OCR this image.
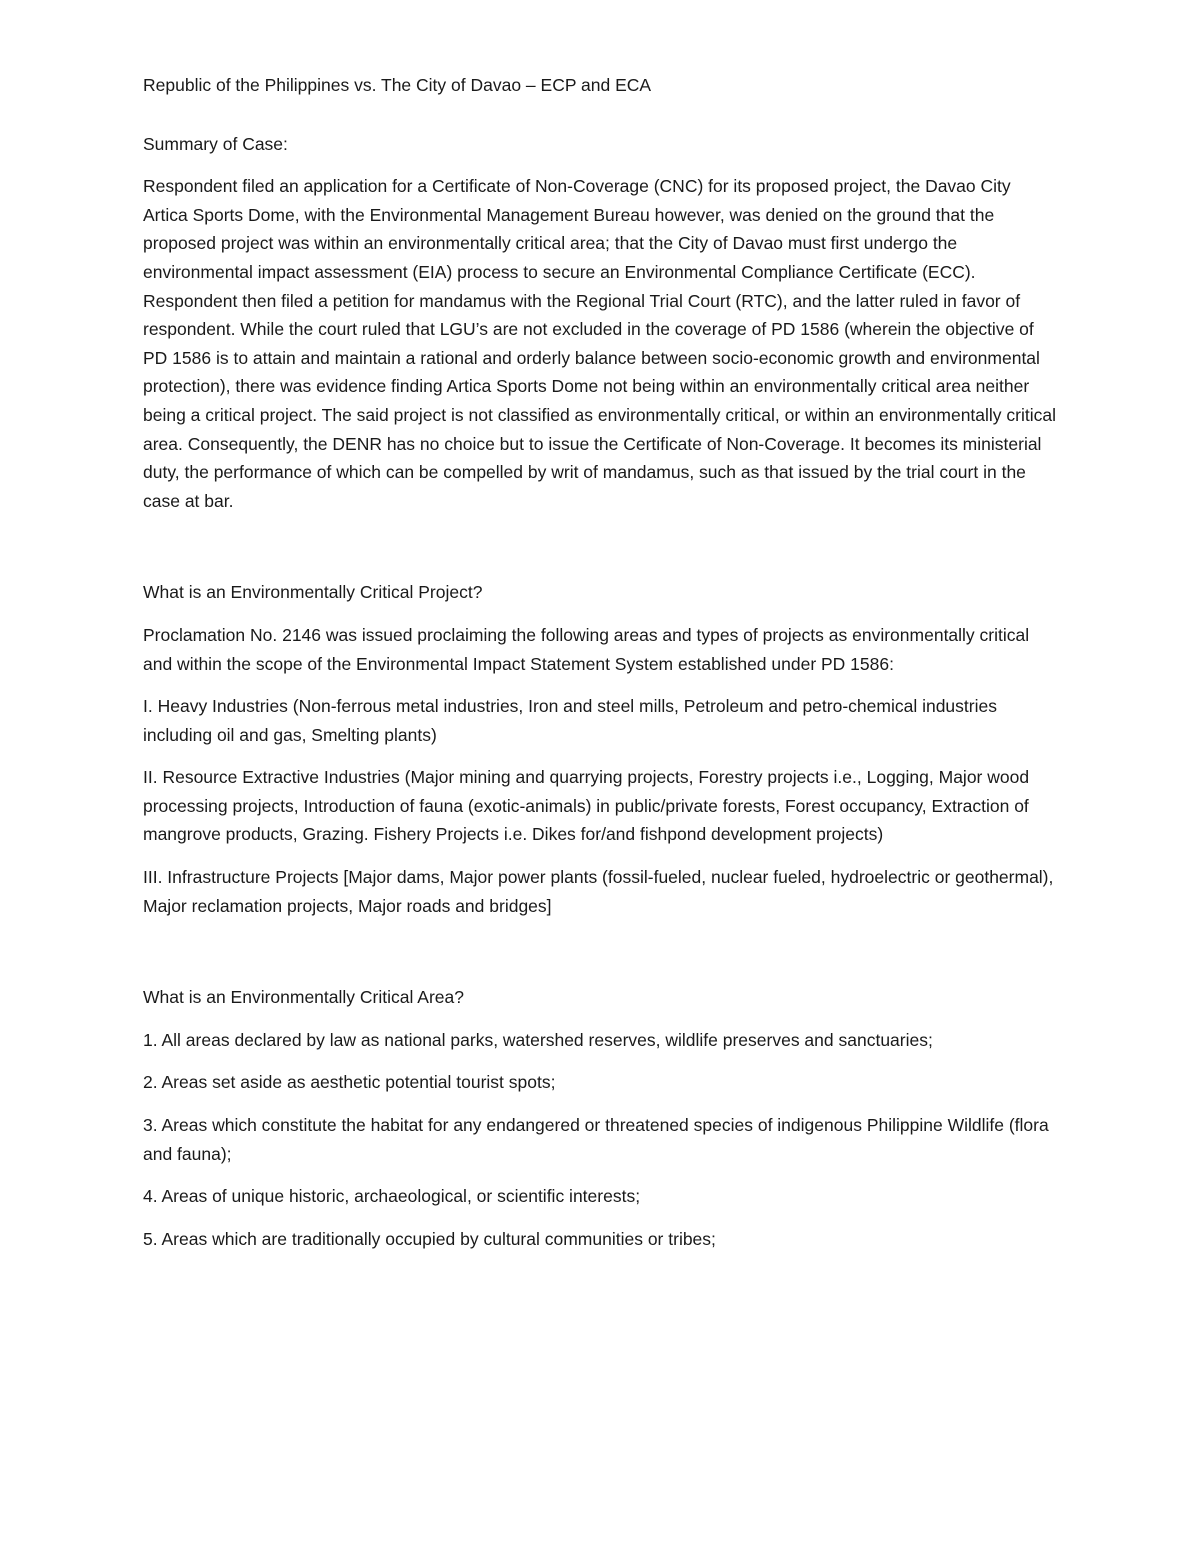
Republic of the Philippines vs. The City of Davao – ECP and ECA

Summary of Case:

Respondent filed an application for a Certificate of Non-Coverage (CNC) for its proposed project, the Davao City Artica Sports Dome, with the Environmental Management Bureau however, was denied on the ground that the proposed project was within an environmentally critical area; that the City of Davao must first undergo the environmental impact assessment (EIA) process to secure an Environmental Compliance Certificate (ECC). Respondent then filed a petition for mandamus with the Regional Trial Court (RTC), and the latter ruled in favor of respondent. While the court ruled that LGU’s are not excluded in the coverage of PD 1586 (wherein the objective of PD 1586 is to attain and maintain a rational and orderly balance between socio-economic growth and environmental protection), there was evidence finding Artica Sports Dome not being within an environmentally critical area neither being a critical project. The said project is not classified as environmentally critical, or within an environmentally critical area. Consequently, the DENR has no choice but to issue the Certificate of Non-Coverage. It becomes its ministerial duty, the performance of which can be compelled by writ of mandamus, such as that issued by the trial court in the case at bar.

What is an Environmentally Critical Project?

Proclamation No. 2146 was issued proclaiming the following areas and types of projects as environmentally critical and within the scope of the Environmental Impact Statement System established under PD 1586:

I. Heavy Industries (Non-ferrous metal industries, Iron and steel mills, Petroleum and petro-chemical industries including oil and gas, Smelting plants)

II. Resource Extractive Industries (Major mining and quarrying projects, Forestry projects i.e., Logging, Major wood processing projects, Introduction of fauna (exotic-animals) in public/private forests, Forest occupancy, Extraction of mangrove products, Grazing. Fishery Projects i.e. Dikes for/and fishpond development projects)

III. Infrastructure Projects [Major dams, Major power plants (fossil-fueled, nuclear fueled, hydroelectric or geothermal), Major reclamation projects, Major roads and bridges]

What is an Environmentally Critical Area?

1. All areas declared by law as national parks, watershed reserves, wildlife preserves and sanctuaries;

2. Areas set aside as aesthetic potential tourist spots;

3. Areas which constitute the habitat for any endangered or threatened species of indigenous Philippine Wildlife (flora and fauna);

4. Areas of unique historic, archaeological, or scientific interests;

5. Areas which are traditionally occupied by cultural communities or tribes;
